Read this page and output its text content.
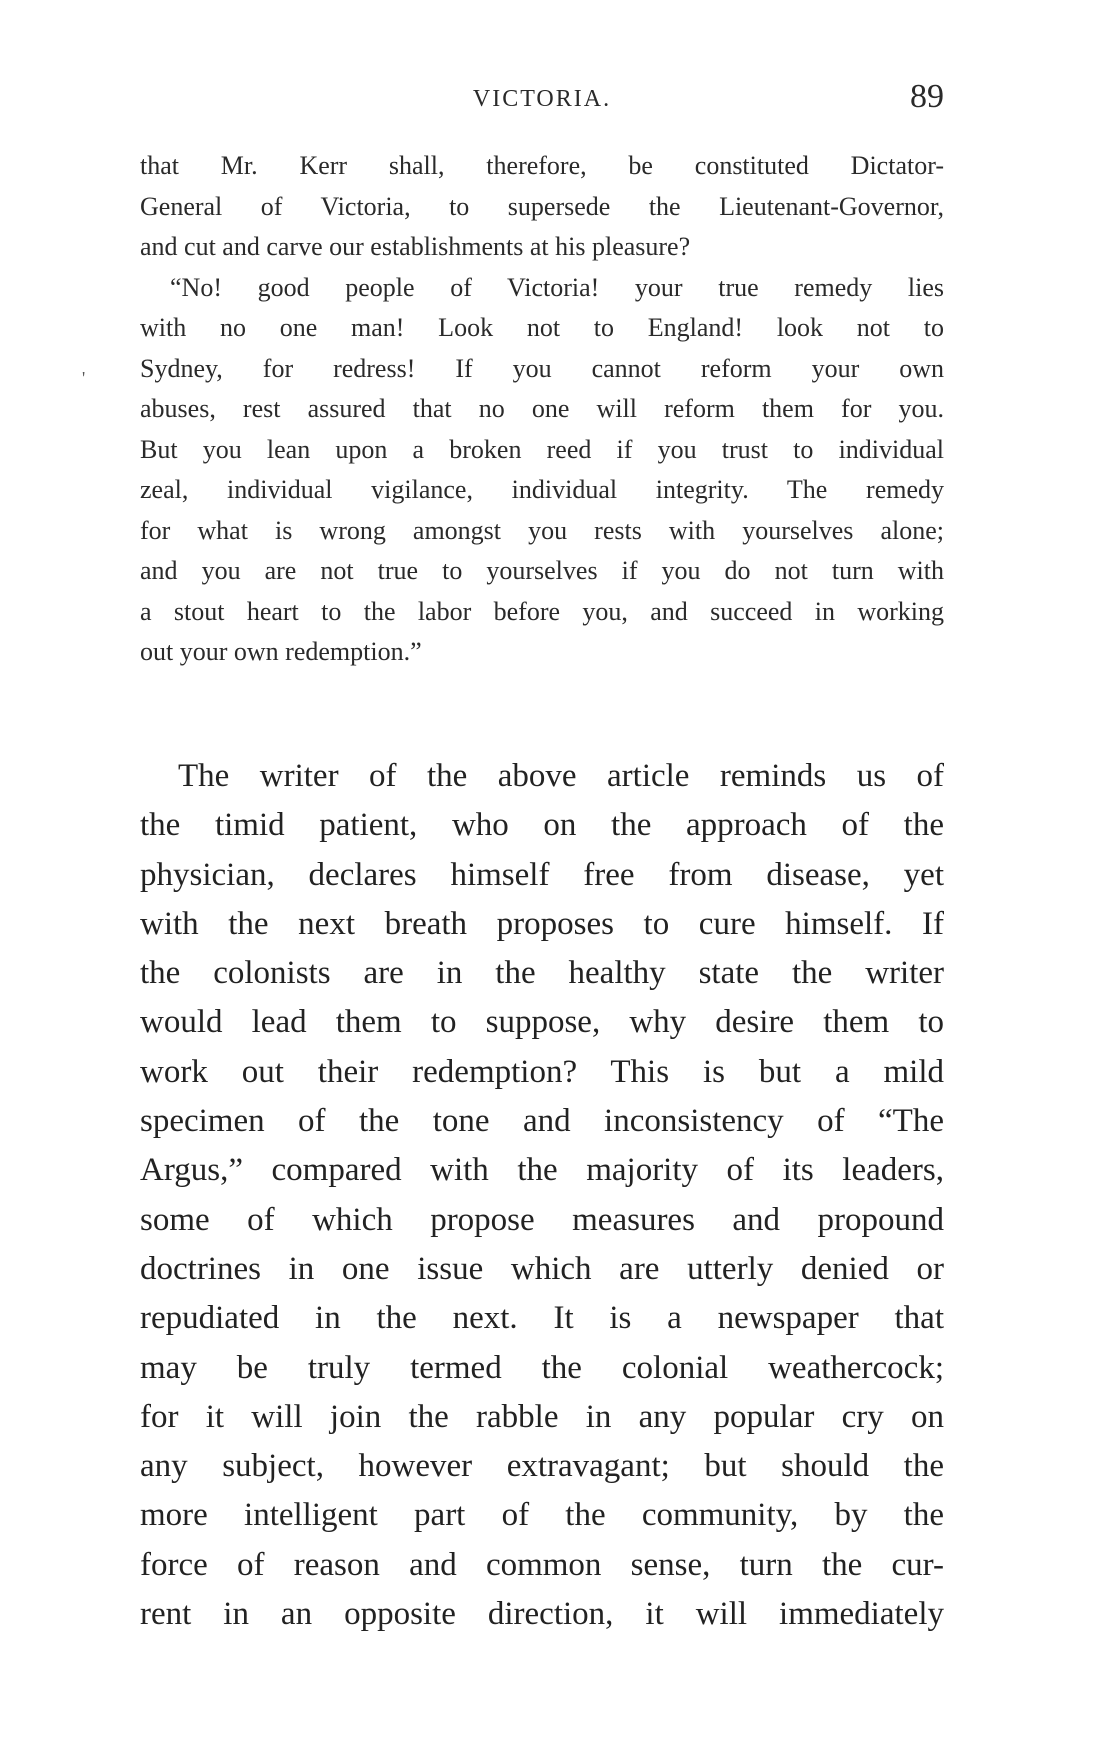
VICTORIA.	89
'
that Mr. Kerr shall, therefore, be constituted Dictator-
General of Victoria, to supersede the Lieutenant-Governor,
and cut and carve our establishments at his pleasure?
“No! good people of Victoria! your true remedy lies
with no one man! Look not to England! look not to
Sydney, for redress! If you cannot reform your own
abuses, rest assured that no one will reform them for you.
But you lean upon a broken reed if you trust to individual
zeal, individual vigilance, individual integrity. The remedy
for what is wrong amongst you rests with yourselves alone;
and you are not true to yourselves if you do not turn with
a stout heart to the labor before you, and succeed in working
out your own redemption.”
The writer of the above article reminds us of
the timid patient, who on the approach of the
physician, declares himself free from disease, yet
with the next breath proposes to cure himself. If
the colonists are in the healthy state the writer
would lead them to suppose, why desire them to
work out their redemption? This is but a mild
specimen of the tone and inconsistency of “The
Argus,” compared with the majority of its leaders,
some of which propose measures and propound
doctrines in one issue which are utterly denied or
repudiated in the next. It is a newspaper that
may be truly termed the colonial weathercock;
for it will join the rabble in any popular cry on
any subject, however extravagant; but should the
more intelligent part of the community, by the
force of reason and common sense, turn the cur-
rent in an opposite direction, it will immediately
